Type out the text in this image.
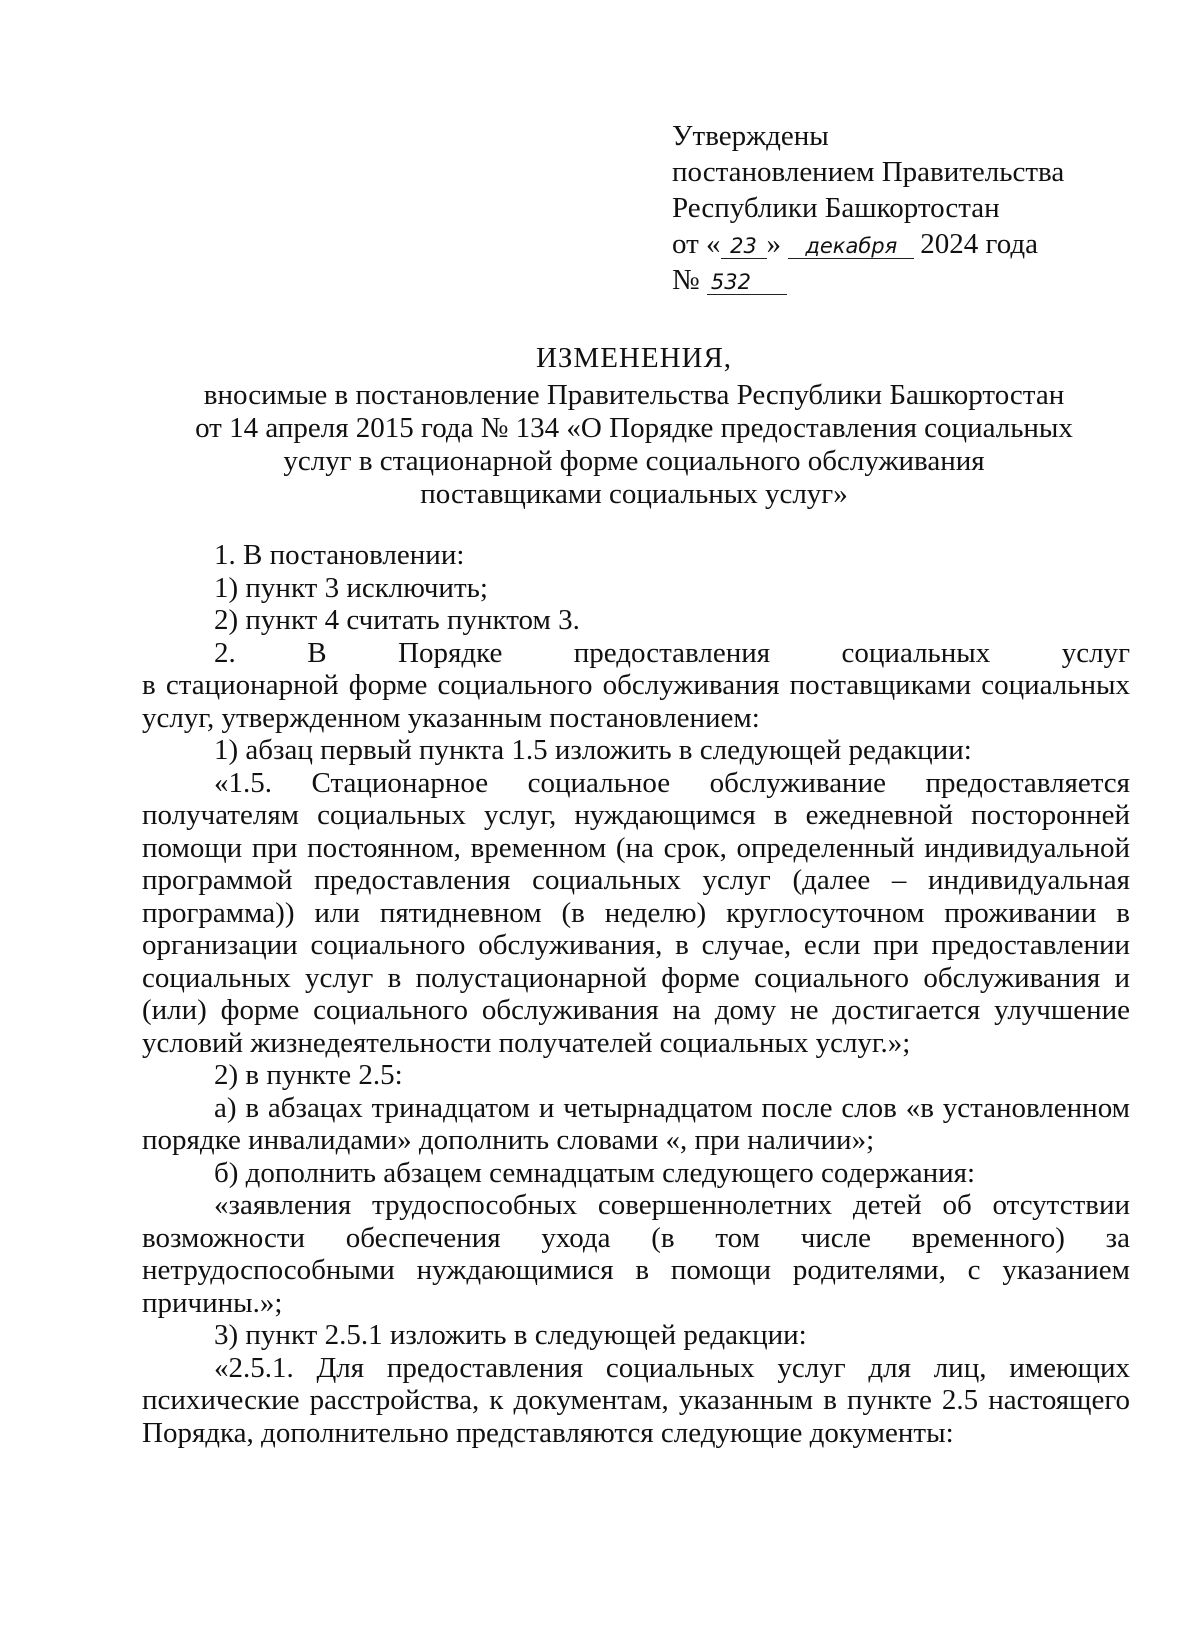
Утверждены
постановлением Правительства
Республики Башкортостан
от « 23 » декабря 2024 года
№ 532
ИЗМЕНЕНИЯ,
вносимые в постановление Правительства Республики Башкортостан
от 14 апреля 2015 года № 134 «О Порядке предоставления социальных
услуг в стационарной форме социального обслуживания
поставщиками социальных услуг»

1. В постановлении:

1) пункт 3 исключить;

2) пункт 4 считать пунктом 3.

2. В Порядке предоставления социальных услуг

в стационарной форме социального обслуживания поставщиками социальных услуг, утвержденном указанным постановлением:

1) абзац первый пункта 1.5 изложить в следующей редакции:

«1.5. Стационарное социальное обслуживание предоставляется получателям социальных услуг, нуждающимся в ежедневной посторонней помощи при постоянном, временном (на срок, определенный индивидуальной программой предоставления социальных услуг (далее – индивидуальная программа)) или пятидневном (в неделю) круглосуточном проживании в организации социального обслуживания, в случае, если при предоставлении социальных услуг в полустационарной форме социального обслуживания и (или) форме социального обслуживания на дому не достигается улучшение условий жизнедеятельности получателей социальных услуг.»;

2) в пункте 2.5:

а) в абзацах тринадцатом и четырнадцатом после слов «в установленном порядке инвалидами» дополнить словами «, при наличии»;

б) дополнить абзацем семнадцатым следующего содержания:

«заявления трудоспособных совершеннолетних детей об отсутствии возможности обеспечения ухода (в том числе временного) за нетрудоспособными нуждающимися в помощи родителями, с указанием причины.»;

3) пункт 2.5.1 изложить в следующей редакции:

«2.5.1. Для предоставления социальных услуг для лиц, имеющих психические расстройства, к документам, указанным в пункте 2.5 настоящего Порядка, дополнительно представляются следующие документы:
